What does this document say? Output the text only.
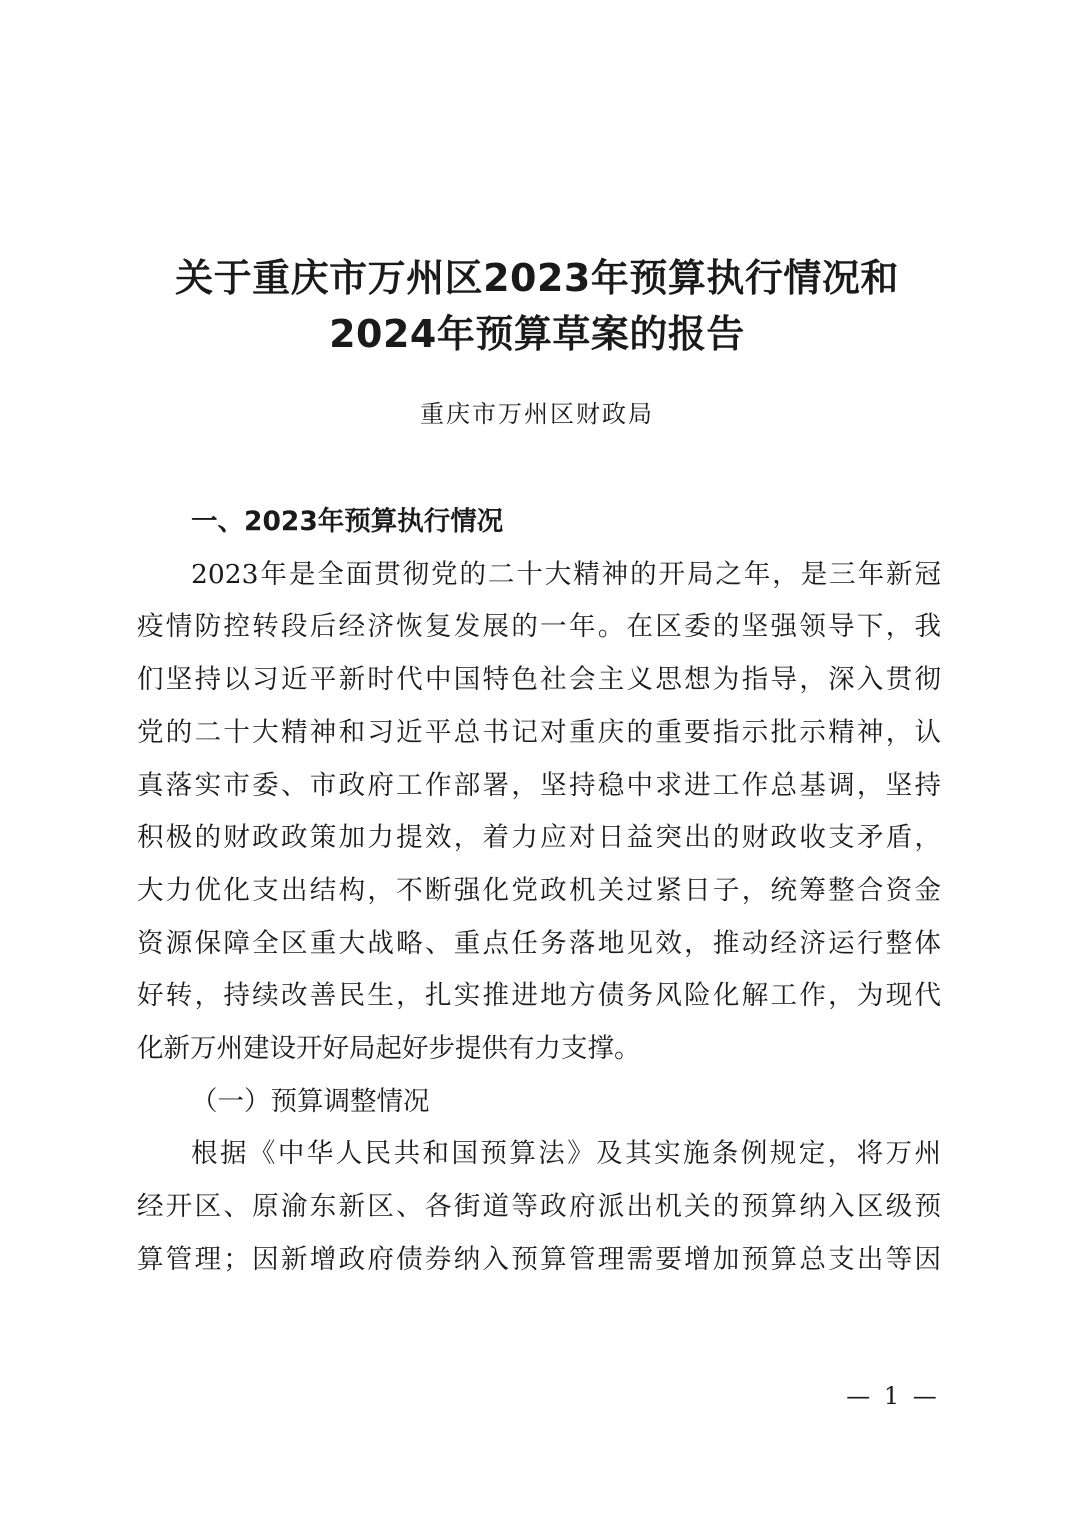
关于重庆市万州区2023年预算执行情况和
2024年预算草案的报告
重庆市万州区财政局

一、2023年预算执行情况

2023年是全面贯彻党的二十大精神的开局之年，是三年新冠

疫情防控转段后经济恢复发展的一年。在区委的坚强领导下，我

们坚持以习近平新时代中国特色社会主义思想为指导，深入贯彻

党的二十大精神和习近平总书记对重庆的重要指示批示精神，认

真落实市委、市政府工作部署，坚持稳中求进工作总基调，坚持

积极的财政政策加力提效，着力应对日益突出的财政收支矛盾，

大力优化支出结构，不断强化党政机关过紧日子，统筹整合资金

资源保障全区重大战略、重点任务落地见效，推动经济运行整体

好转，持续改善民生，扎实推进地方债务风险化解工作，为现代

化新万州建设开好局起好步提供有力支撑。

（一）预算调整情况

根据《中华人民共和国预算法》及其实施条例规定，将万州

经开区、原渝东新区、各街道等政府派出机关的预算纳入区级预

算管理；因新增政府债券纳入预算管理需要增加预算总支出等因

— 1 —
